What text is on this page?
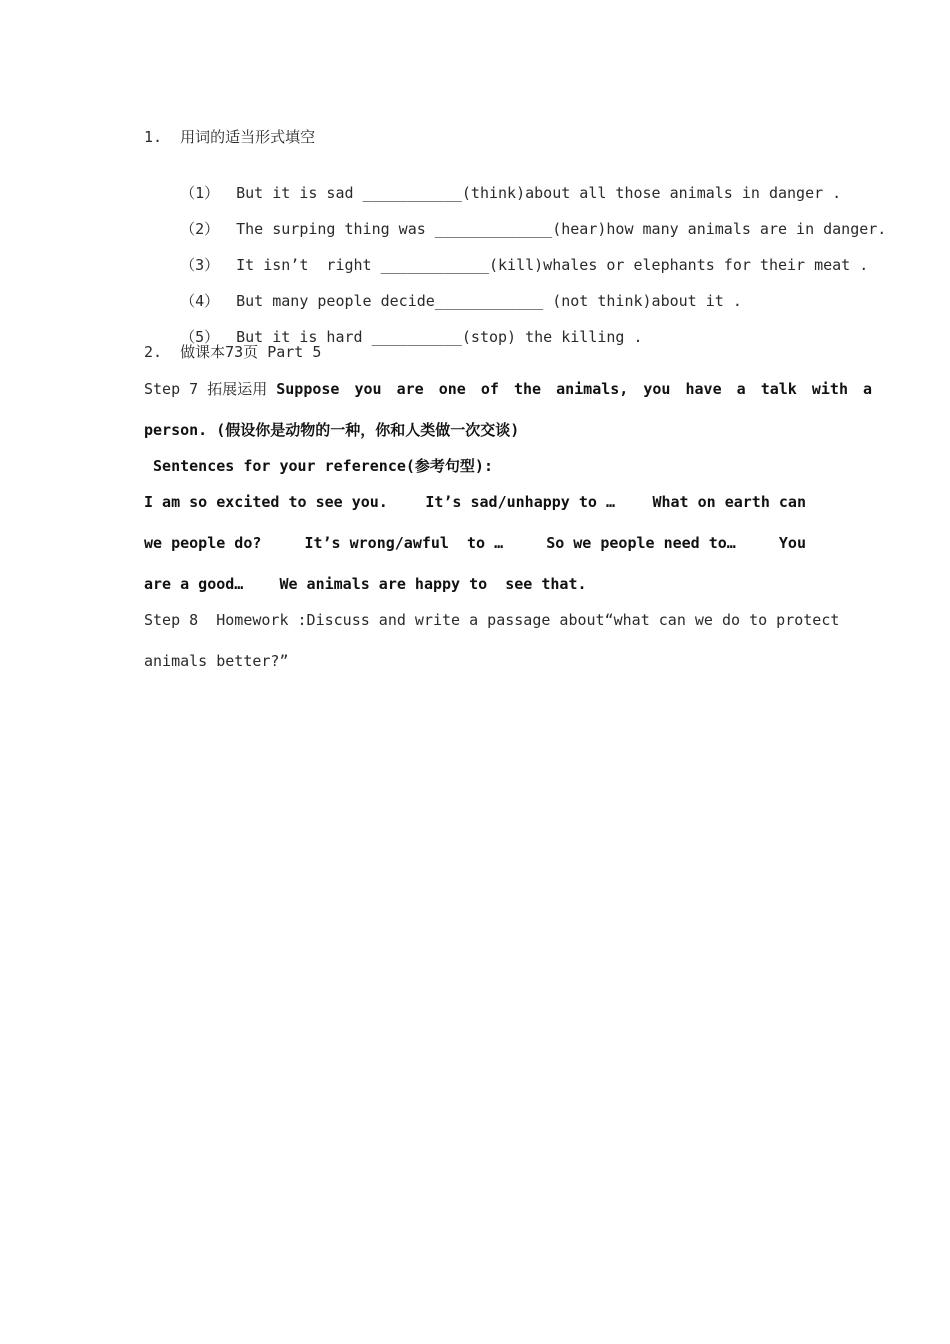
1.  用词的适当形式填空

（1） But it is sad ___________(think)about all those animals in danger .

（2） The surping thing was _____________(hear)how many animals are in danger.

（3） It isn’t  right ____________(kill)whales or elephants for their meat .

（4） But many people decide____________ (not think)about it .

（5） But it is hard __________(stop) the killing .

2.  做课本73页 Part 5
Step 7 拓展运用 Suppose you are one of the animals, you have a talk with a
person. (假设你是动物的一种，你和人类做一次交谈)
Sentences for your reference(参考句型):
I am so excited to see you. It’s sad/unhappy to … What on earth can
we people do?	It’s wrong/awful  to …	So we people need to…	You
are a good…    We animals are happy to  see that.
Step 8  Homework :Discuss and write a passage about “what can we do to protect
animals better?”
